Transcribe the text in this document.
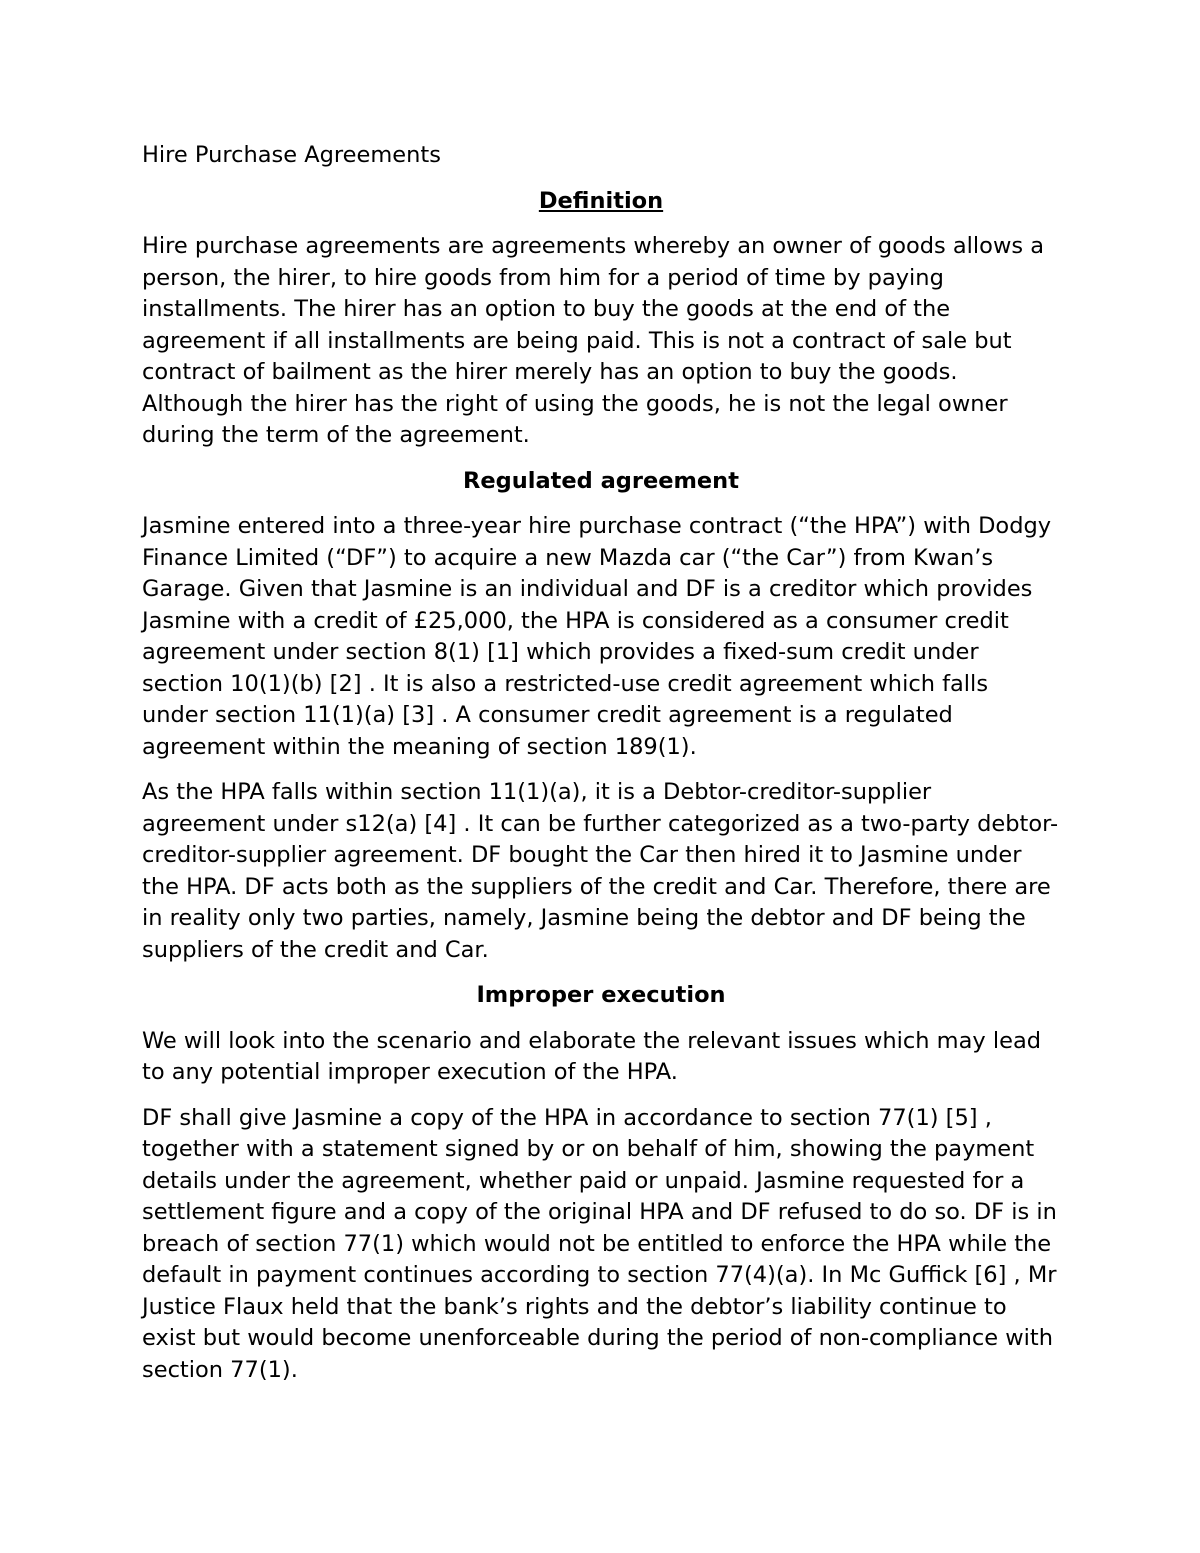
Hire Purchase Agreements
Definition

Hire purchase agreements are agreements whereby an owner of goods allows a person, the hirer, to hire goods from him for a period of time by paying installments. The hirer has an option to buy the goods at the end of the agreement if all installments are being paid. This is not a contract of sale but contract of bailment as the hirer merely has an option to buy the goods. Although the hirer has the right of using the goods, he is not the legal owner during the term of the agreement.

Regulated agreement

Jasmine entered into a three-year hire purchase contract (“the HPA”) with Dodgy Finance Limited (“DF”) to acquire a new Mazda car (“the Car”) from Kwan’s Garage. Given that Jasmine is an individual and DF is a creditor which provides Jasmine with a credit of £25,000, the HPA is considered as a consumer credit agreement under section 8(1) [1] which provides a fixed-sum credit under section 10(1)(b) [2] . It is also a restricted-use credit agreement which falls under section 11(1)(a) [3] . A consumer credit agreement is a regulated agreement within the meaning of section 189(1).

As the HPA falls within section 11(1)(a), it is a Debtor-creditor-supplier agreement under s12(a) [4] . It can be further categorized as a two-party debtor-creditor-supplier agreement. DF bought the Car then hired it to Jasmine under the HPA. DF acts both as the suppliers of the credit and Car. Therefore, there are in reality only two parties, namely, Jasmine being the debtor and DF being the suppliers of the credit and Car.

Improper execution

We will look into the scenario and elaborate the relevant issues which may lead to any potential improper execution of the HPA.

DF shall give Jasmine a copy of the HPA in accordance to section 77(1) [5] , together with a statement signed by or on behalf of him, showing the payment details under the agreement, whether paid or unpaid. Jasmine requested for a settlement figure and a copy of the original HPA and DF refused to do so. DF is in breach of section 77(1) which would not be entitled to enforce the HPA while the default in payment continues according to section 77(4)(a). In Mc Guffick [6] , Mr Justice Flaux held that the bank’s rights and the debtor’s liability continue to exist but would become unenforceable during the period of non-compliance with section 77(1).
